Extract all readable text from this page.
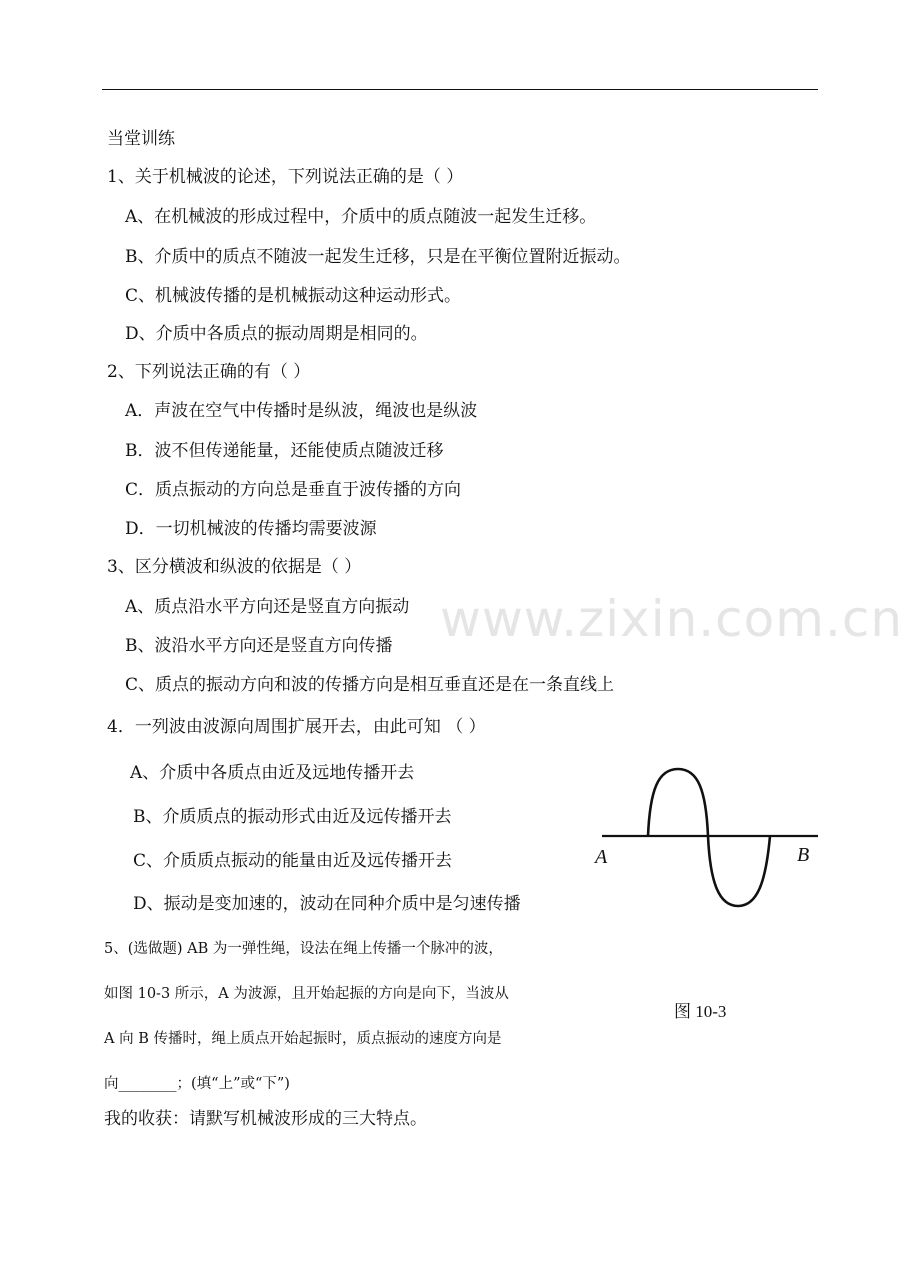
www.zixin.com.cn
当堂训练
1、关于机械波的论述，下列说法正确的是（ ）
A、在机械波的形成过程中，介质中的质点随波一起发生迁移。
B、介质中的质点不随波一起发生迁移，只是在平衡位置附近振动。
C、机械波传播的是机械振动这种运动形式。
D、介质中各质点的振动周期是相同的。
2、下列说法正确的有（ ）
A．声波在空气中传播时是纵波，绳波也是纵波
B．波不但传递能量，还能使质点随波迁移
C．质点振动的方向总是垂直于波传播的方向
D．一切机械波的传播均需要波源
3、区分横波和纵波的依据是（ ）
A、质点沿水平方向还是竖直方向振动
B、波沿水平方向还是竖直方向传播
C、质点的振动方向和波的传播方向是相互垂直还是在一条直线上
4．一列波由波源向周围扩展开去，由此可知 （ ）
A、介质中各质点由近及远地传播开去
B、介质质点的振动形式由近及远传播开去
C、介质质点振动的能量由近及远传播开去
D、振动是变加速的，波动在同种介质中是匀速传播
5、(选做题) AB 为一弹性绳，设法在绳上传播一个脉冲的波，
如图 10-3 所示，A 为波源，且开始起振的方向是向下，当波从
A 向 B 传播时，绳上质点开始起振时，质点振动的速度方向是
向________；(填“上”或“下”)
我的收获：请默写机械波形成的三大特点。
A	B
图 10-3
